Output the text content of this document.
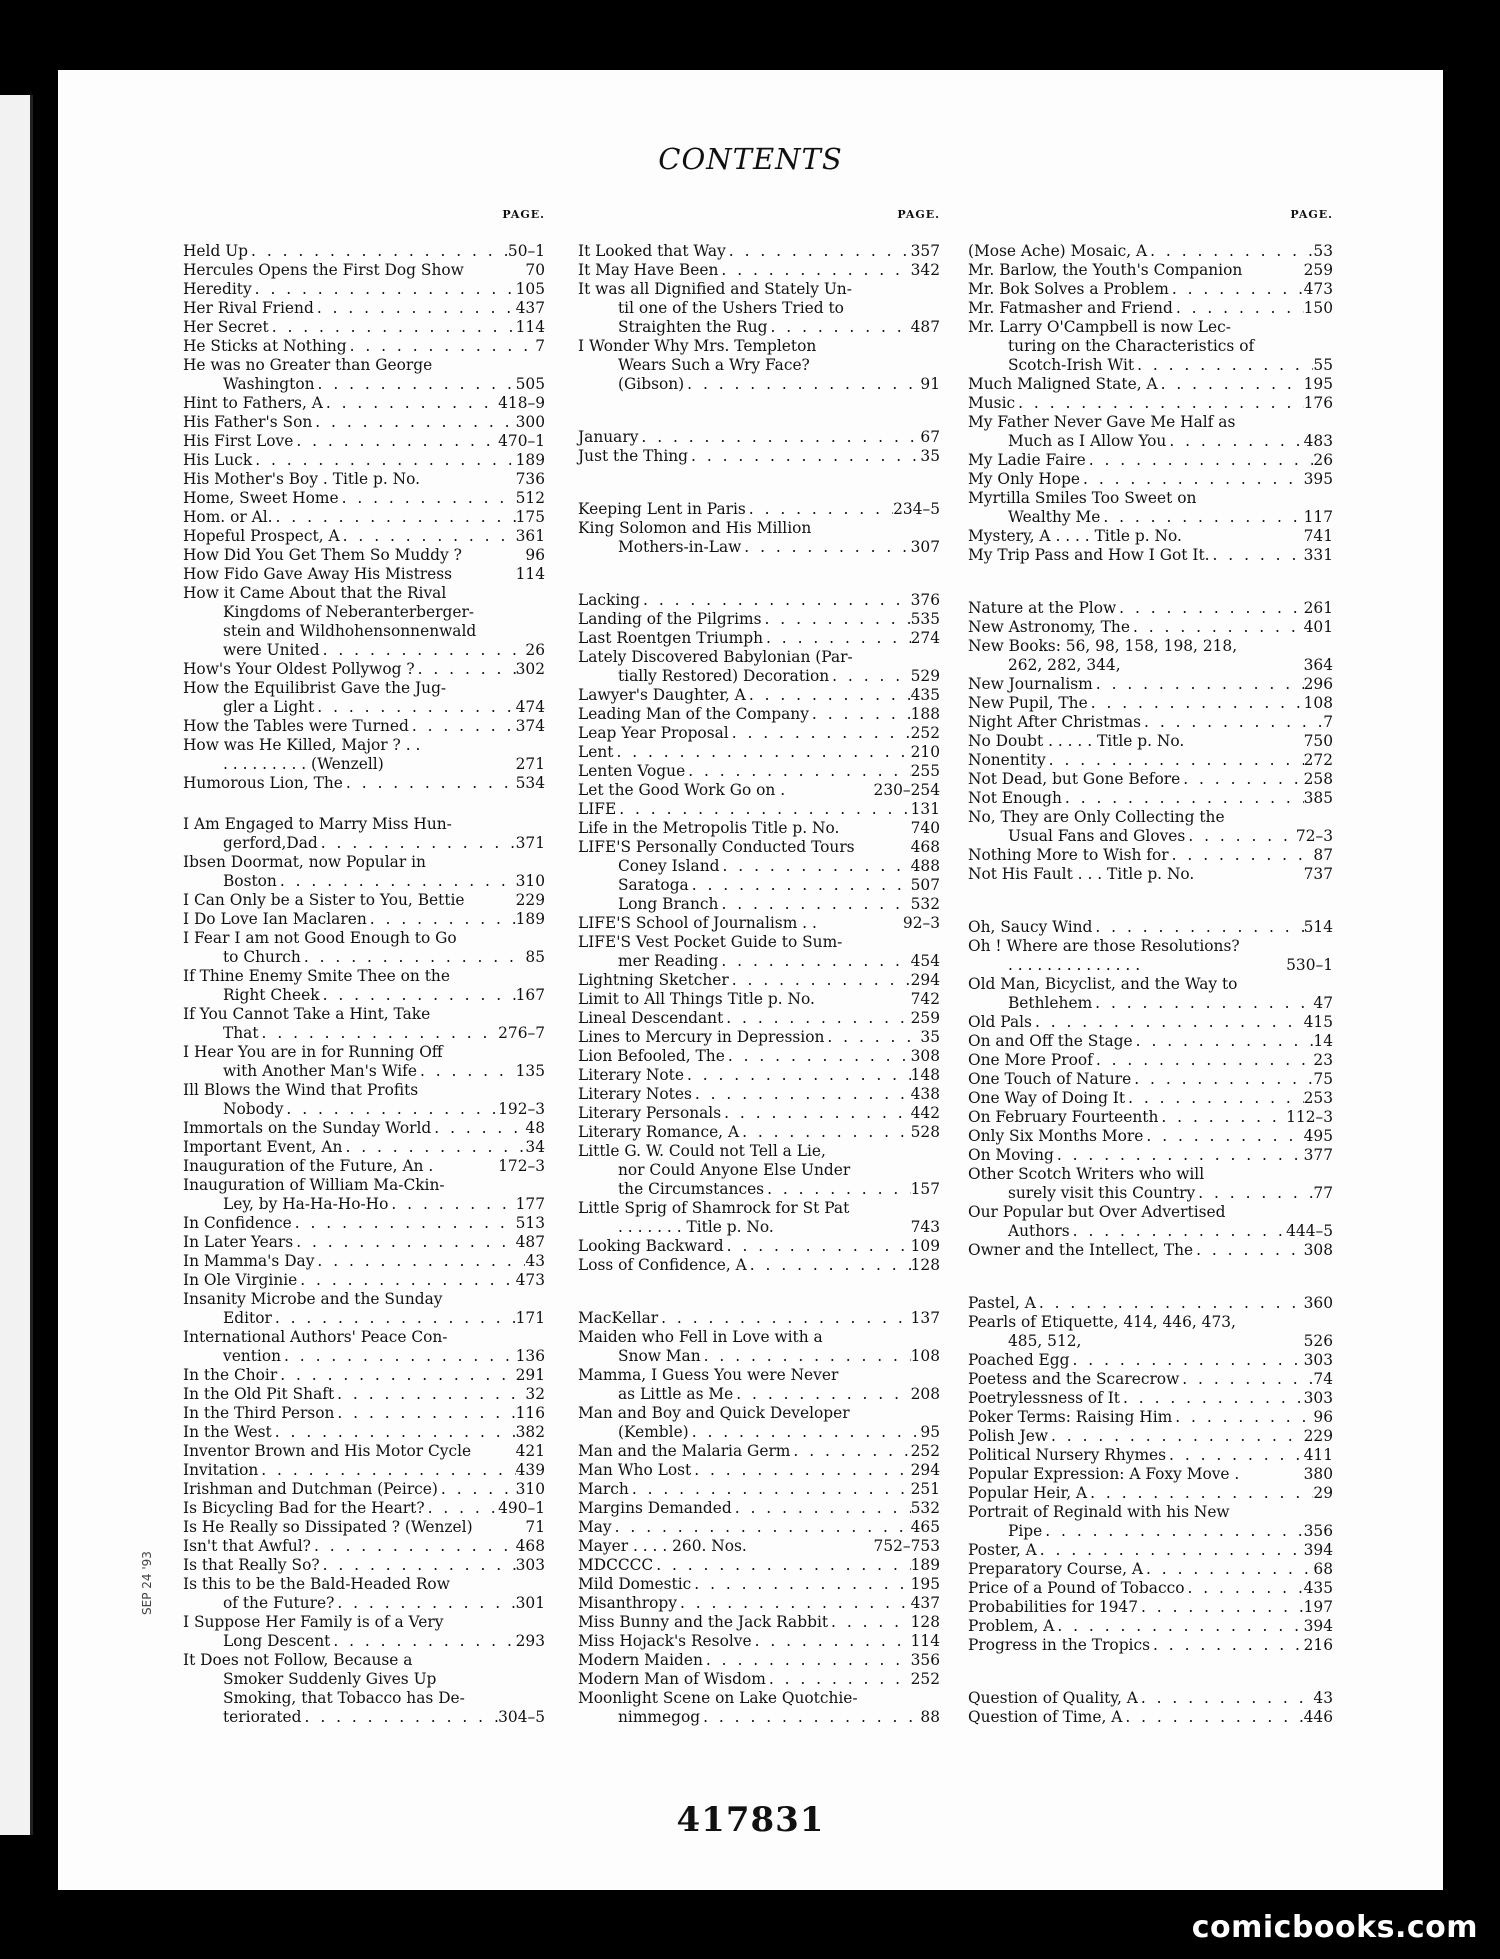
CONTENTS
PAGE.
Held Up . . .	50–1
Hercules Opens the First Dog Show	70
Heredity . . .	105
Her Rival Friend . . .	437
Her Secret . . .	114
He Sticks at Nothing . . .	7
He was no Greater than George
Washington . . .	505
Hint to Fathers, A . . .	418–9
His Father's Son . . .	300
His First Love . . .	470–1
His Luck . . .	189
His Mother's Boy . Title p. No.	736
Home, Sweet Home . . .	512
Hom. or Al. . . .	175
Hopeful Prospect, A . . .	361
How Did You Get Them So Muddy ?	96
How Fido Gave Away His Mistress	114
How it Came About that the Rival
Kingdoms of Neberanterberger-
stein and Wildhohensonnenwald
were United . . .	26
How's Your Oldest Pollywog ? . . .	302
How the Equilibrist Gave the Jug-
gler a Light . . .	474
How the Tables were Turned . . .	374
How was He Killed, Major ? . .
. . . . . . . . . (Wenzell)	271
Humorous Lion, The . . .	534
I Am Engaged to Marry Miss Hun-
gerford,Dad . . .	371
Ibsen Doormat, now Popular in
Boston . . .	310
I Can Only be a Sister to You, Bettie	229
I Do Love Ian Maclaren . . .	189
I Fear I am not Good Enough to Go
to Church . . .	85
If Thine Enemy Smite Thee on the
Right Cheek . . .	167
If You Cannot Take a Hint, Take
That . . .	276–7
I Hear You are in for Running Off
with Another Man's Wife . . .	135
Ill Blows the Wind that Profits
Nobody . . .	192–3
Immortals on the Sunday World . . .	48
Important Event, An . . .	34
Inauguration of the Future, An .	172–3
Inauguration of William Ma-Ckin-
Ley, by Ha-Ha-Ho-Ho . . .	177
In Confidence . . .	513
In Later Years . . .	487
In Mamma's Day . . .	43
In Ole Virginie . . .	473
Insanity Microbe and the Sunday
Editor . . .	171
International Authors' Peace Con-
vention . . .	136
In the Choir . . .	291
In the Old Pit Shaft . . .	32
In the Third Person . . .	116
In the West . . .	382
Inventor Brown and His Motor Cycle	421
Invitation . . .	439
Irishman and Dutchman (Peirce) . . .	310
Is Bicycling Bad for the Heart? . . .	490–1
Is He Really so Dissipated ? (Wenzel)	71
Isn't that Awful? . . .	468
Is that Really So? . . .	303
Is this to be the Bald-Headed Row
of the Future? . . .	301
I Suppose Her Family is of a Very
Long Descent . . .	293
It Does not Follow, Because a
Smoker Suddenly Gives Up
Smoking, that Tobacco has De-
teriorated . . .	304–5
PAGE.
It Looked that Way . . .	357
It May Have Been . . .	342
It was all Dignified and Stately Un-
til one of the Ushers Tried to
Straighten the Rug . . .	487
I Wonder Why Mrs. Templeton
Wears Such a Wry Face?
(Gibson) . . .	91
January . . .	67
Just the Thing . . .	35
Keeping Lent in Paris . . .	234–5
King Solomon and His Million
Mothers-in-Law . . .	307
Lacking . . .	376
Landing of the Pilgrims . . .	535
Last Roentgen Triumph . . .	274
Lately Discovered Babylonian (Par-
tially Restored) Decoration . . .	529
Lawyer's Daughter, A . . .	435
Leading Man of the Company . . .	188
Leap Year Proposal . . .	252
Lent . . .	210
Lenten Vogue . . .	255
Let the Good Work Go on .	230–254
LIFE . . .	131
Life in the Metropolis Title p. No.	740
LIFE'S Personally Conducted Tours	468
Coney Island . . .	488
Saratoga . . .	507
Long Branch . . .	532
LIFE'S School of Journalism . .	92–3
LIFE'S Vest Pocket Guide to Sum-
mer Reading . . .	454
Lightning Sketcher . . .	294
Limit to All Things Title p. No.	742
Lineal Descendant . . .	259
Lines to Mercury in Depression . . .	35
Lion Befooled, The . . .	308
Literary Note . . .	148
Literary Notes . . .	438
Literary Personals . . .	442
Literary Romance, A . . .	528
Little G. W. Could not Tell a Lie,
nor Could Anyone Else Under
the Circumstances . . .	157
Little Sprig of Shamrock for St Pat
. . . . . . . Title p. No.	743
Looking Backward . . .	109
Loss of Confidence, A . . .	128
MacKellar . . .	137
Maiden who Fell in Love with a
Snow Man . . .	108
Mamma, I Guess You were Never
as Little as Me . . .	208
Man and Boy and Quick Developer
(Kemble) . . .	95
Man and the Malaria Germ . . .	252
Man Who Lost . . .	294
March . . .	251
Margins Demanded . . .	532
May . . .	465
Mayer . . . . 260. Nos.	752–753
MDCCCC . . .	189
Mild Domestic . . .	195
Misanthropy . . .	437
Miss Bunny and the Jack Rabbit . . .	128
Miss Hojack's Resolve . . .	114
Modern Maiden . . .	356
Modern Man of Wisdom . . .	252
Moonlight Scene on Lake Quotchie-
nimmegog . . .	88
PAGE.
(Mose Ache) Mosaic, A . . .	53
Mr. Barlow, the Youth's Companion	259
Mr. Bok Solves a Problem . . .	473
Mr. Fatmasher and Friend . . .	150
Mr. Larry O'Campbell is now Lec-
turing on the Characteristics of
Scotch-Irish Wit . . .	55
Much Maligned State, A . . .	195
Music . . .	176
My Father Never Gave Me Half as
Much as I Allow You . . .	483
My Ladie Faire . . .	26
My Only Hope . . .	395
Myrtilla Smiles Too Sweet on
Wealthy Me . . .	117
Mystery, A . . . . Title p. No.	741
My Trip Pass and How I Got It. . . .	331
Nature at the Plow . . .	261
New Astronomy, The . . .	401
New Books: 56, 98, 158, 198, 218,
262, 282, 344,	364
New Journalism . . .	296
New Pupil, The . . .	108
Night After Christmas . . .	7
No Doubt . . . . . Title p. No.	750
Nonentity . . .	272
Not Dead, but Gone Before . . .	258
Not Enough . . .	385
No, They are Only Collecting the
Usual Fans and Gloves . . .	72–3
Nothing More to Wish for . . .	87
Not His Fault . . . Title p. No.	737
Oh, Saucy Wind . . .	514
Oh ! Where are those Resolutions?
. . . . . . . . . . . . . .	530–1
Old Man, Bicyclist, and the Way to
Bethlehem . . .	47
Old Pals . . .	415
On and Off the Stage . . .	14
One More Proof . . .	23
One Touch of Nature . . .	75
One Way of Doing It . . .	253
On February Fourteenth . . .	112–3
Only Six Months More . . .	495
On Moving . . .	377
Other Scotch Writers who will
surely visit this Country . . .	77
Our Popular but Over Advertised
Authors . . .	444–5
Owner and the Intellect, The . . .	308
Pastel, A . . .	360
Pearls of Etiquette, 414, 446, 473,
485, 512,	526
Poached Egg . . .	303
Poetess and the Scarecrow . . .	74
Poetrylessness of It . . .	303
Poker Terms: Raising Him . . .	96
Polish Jew . . .	229
Political Nursery Rhymes . . .	411
Popular Expression: A Foxy Move .	380
Popular Heir, A . . .	29
Portrait of Reginald with his New
Pipe . . .	356
Poster, A . . .	394
Preparatory Course, A . . .	68
Price of a Pound of Tobacco . . .	435
Probabilities for 1947 . . .	197
Problem, A . . .	394
Progress in the Tropics . . .	216
Question of Quality, A . . .	43
Question of Time, A . . .	446
SEP 24 '93
417831
comicbooks.com
